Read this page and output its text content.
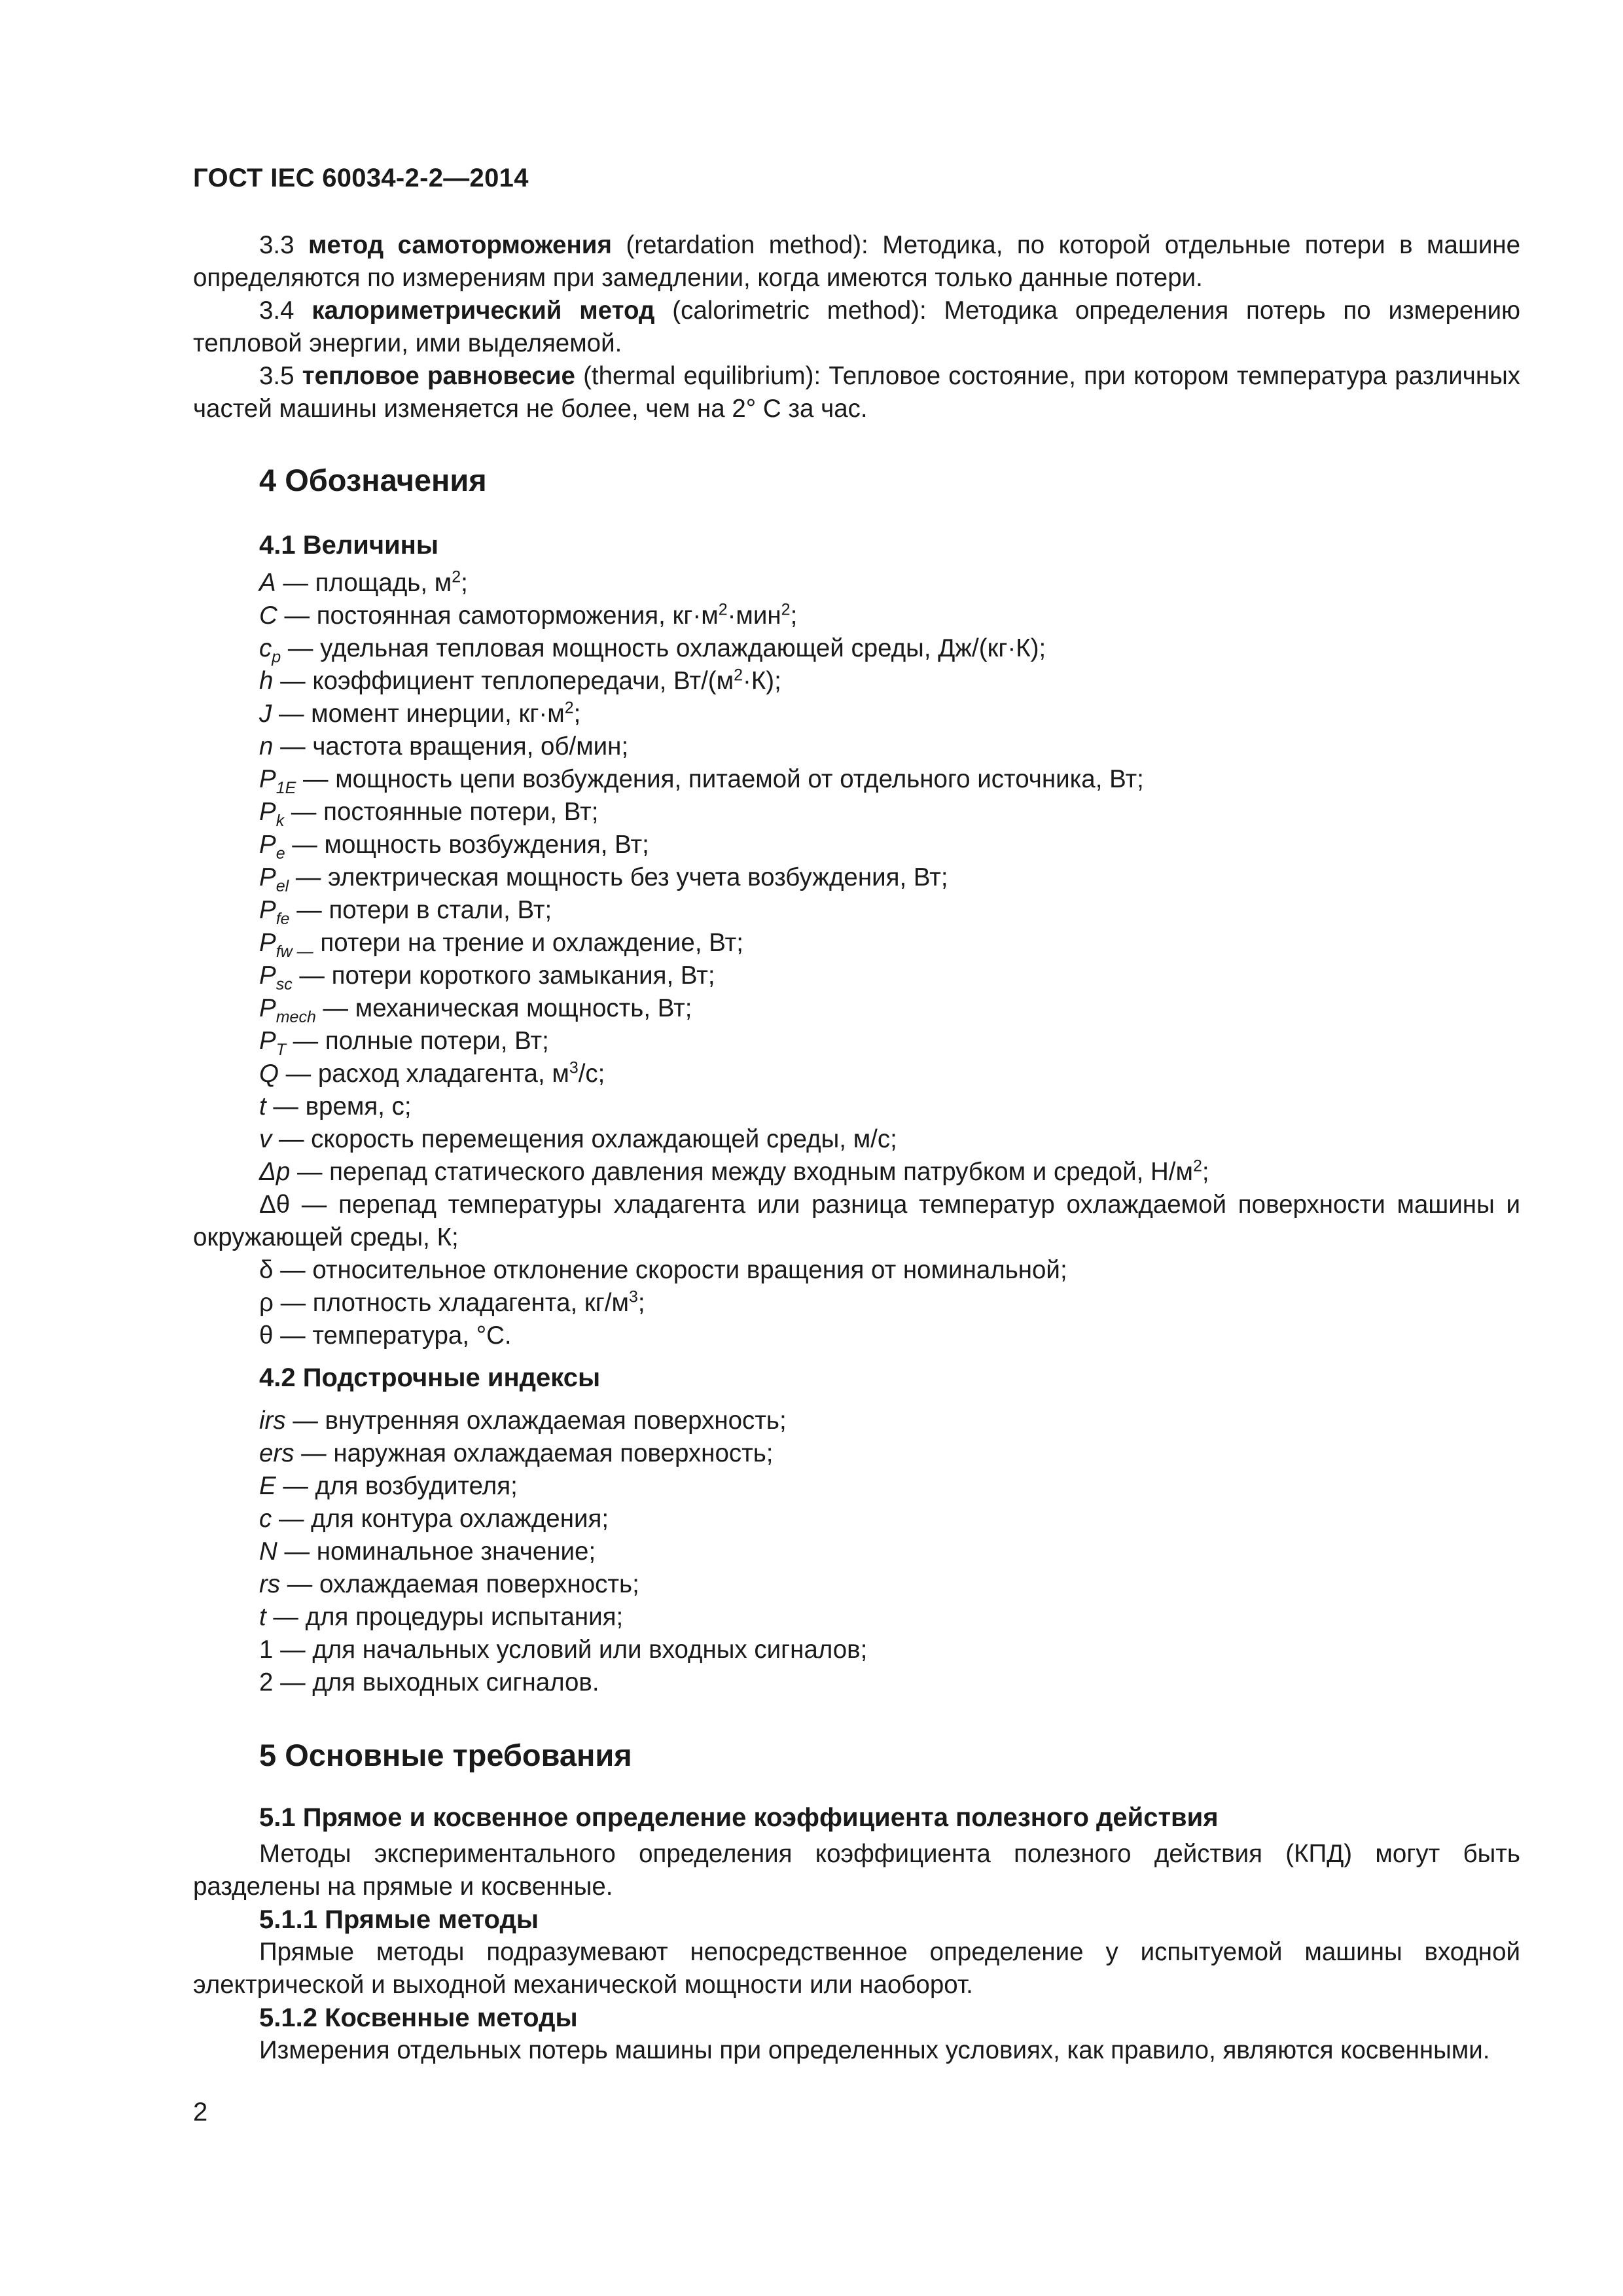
ГОСТ IEC 60034-2-2—2014

3.3 метод самоторможения (retardation method): Методика, по которой отдельные потери в машине определяются по измерениям при замедлении, когда имеются только данные потери.

3.4 калориметрический метод (calorimetric method): Методика определения потерь по измерению тепловой энергии, ими выделяемой.

3.5 тепловое равновесие (thermal equilibrium): Тепловое состояние, при котором температура различных частей машины изменяется не более, чем на 2° С за час.

4 Обозначения
4.1 Величины

A — площадь, $м^2$;

C — постоянная самоторможения, $кг\cdot м^2\cdot мин^2$;

$c_p$ — удельная тепловая мощность охлаждающей среды, Дж/(кг·К);

h — коэффициент теплопередачи, $Вт/(м^2\cdot К)$;

J — момент инерции, $кг\cdot м^2$;

n — частота вращения, об/мин;

$P_{1E}$ — мощность цепи возбуждения, питаемой от отдельного источника, Вт;

$P_k$ — постоянные потери, Вт;

$P_e$ — мощность возбуждения, Вт;

$P_{el}$ — электрическая мощность без учета возбуждения, Вт;

$P_{fe}$ — потери в стали, Вт;

$P_{fw —}$ потери на трение и охлаждение, Вт;

$P_{sc}$ — потери короткого замыкания, Вт;

$P_{mech}$ — механическая мощность, Вт;

$P_T$ — полные потери, Вт;

Q — расход хладагента, $м^3/с$;

t — время, с;

v — скорость перемещения охлаждающей среды, м/с;

Δp — перепад статического давления между входным патрубком и средой, $Н/м^2$;

Δθ — перепад температуры хладагента или разница температур охлаждаемой поверхности машины и окружающей среды, К;

δ — относительное отклонение скорости вращения от номинальной;

ρ — плотность хладагента, $кг/м^3$;

θ — температура, °С.

4.2 Подстрочные индексы

irs — внутренняя охлаждаемая поверхность;

ers — наружная охлаждаемая поверхность;

E — для возбудителя;

c — для контура охлаждения;

N — номинальное значение;

rs — охлаждаемая поверхность;

t — для процедуры испытания;

1 — для начальных условий или входных сигналов;

2 — для выходных сигналов.

5 Основные требования
5.1 Прямое и косвенное определение коэффициента полезного действия

Методы экспериментального определения коэффициента полезного действия (КПД) могут быть разделены на прямые и косвенные.

5.1.1 Прямые методы

Прямые методы подразумевают непосредственное определение у испытуемой машины входной электрической и выходной механической мощности или наоборот.

5.1.2 Косвенные методы

Измерения отдельных потерь машины при определенных условиях, как правило, являются косвенными.

2
